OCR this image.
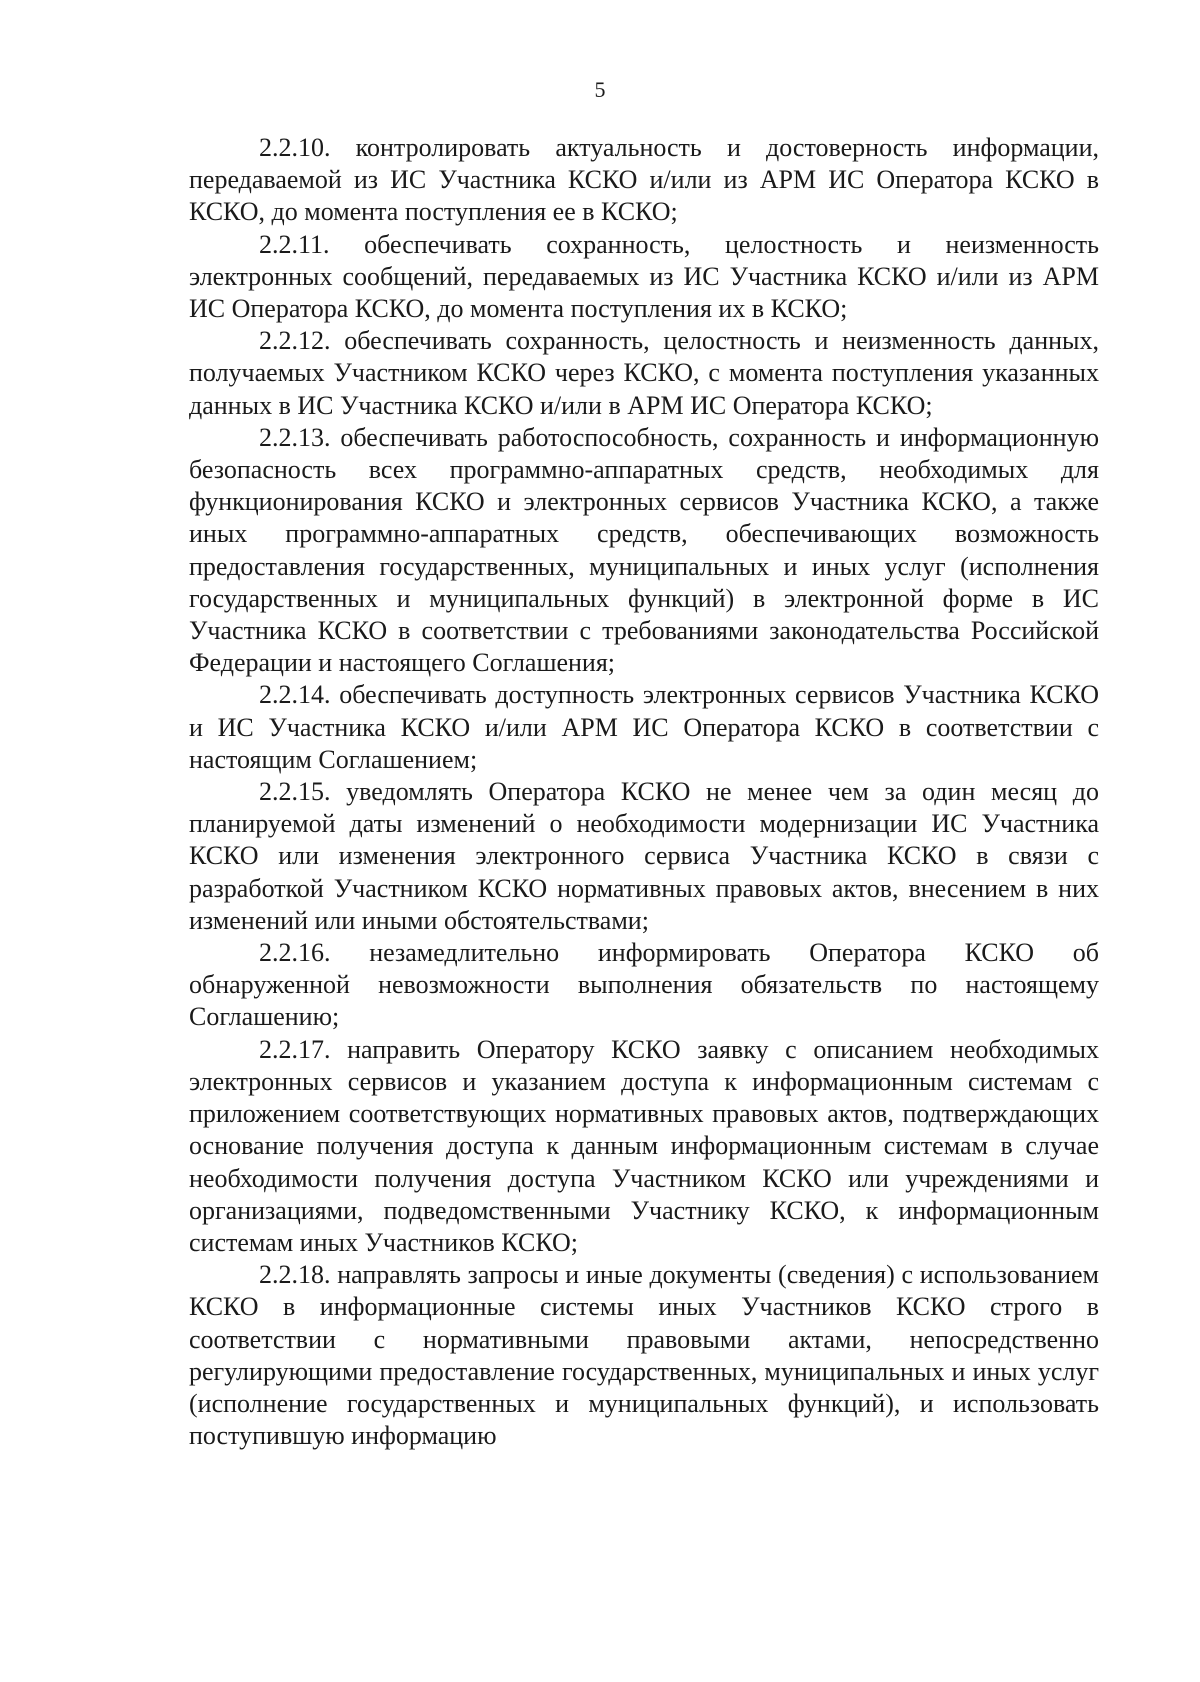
5

2.2.10. контролировать актуальность и достоверность информации, передаваемой из ИС Участника КСКО и/или из АРМ ИС Оператора КСКО в КСКО, до момента поступления ее в КСКО;

2.2.11. обеспечивать сохранность, целостность и неизменность электронных сообщений, передаваемых из ИС Участника КСКО и/или из АРМ ИС Оператора КСКО, до момента поступления их в КСКО;

2.2.12. обеспечивать сохранность, целостность и неизменность данных, получаемых Участником КСКО через КСКО, с момента поступления указанных данных в ИС Участника КСКО и/или в АРМ ИС Оператора КСКО;

2.2.13. обеспечивать работоспособность, сохранность и информационную безопасность всех программно-аппаратных средств, необходимых для функционирования КСКО и электронных сервисов Участника КСКО, а также иных программно-аппаратных средств, обеспечивающих возможность предоставления государственных, муниципальных и иных услуг (исполнения государственных и муниципальных функций) в электронной форме в ИС Участника КСКО в соответствии с требованиями законодательства Российской Федерации и настоящего Соглашения;

2.2.14. обеспечивать доступность электронных сервисов Участника КСКО и ИС Участника КСКО и/или АРМ ИС Оператора КСКО в соответствии с настоящим Соглашением;

2.2.15. уведомлять Оператора КСКО не менее чем за один месяц до планируемой даты изменений о необходимости модернизации ИС Участника КСКО или изменения электронного сервиса Участника КСКО в связи с разработкой Участником КСКО нормативных правовых актов, внесением в них изменений или иными обстоятельствами;

2.2.16. незамедлительно информировать Оператора КСКО об обнаруженной невозможности выполнения обязательств по настоящему Соглашению;

2.2.17. направить Оператору КСКО заявку с описанием необходимых электронных сервисов и указанием доступа к информационным системам с приложением соответствующих нормативных правовых актов, подтверждающих основание получения доступа к данным информационным системам в случае необходимости получения доступа Участником КСКО или учреждениями и организациями, подведомственными Участнику КСКО, к информационным системам иных Участников КСКО;

2.2.18. направлять запросы и иные документы (сведения) с использованием КСКО в информационные системы иных Участников КСКО строго в соответствии с нормативными правовыми актами, непосредственно регулирующими предоставление государственных, муниципальных и иных услуг (исполнение государственных и муниципальных функций), и использовать поступившую информацию
